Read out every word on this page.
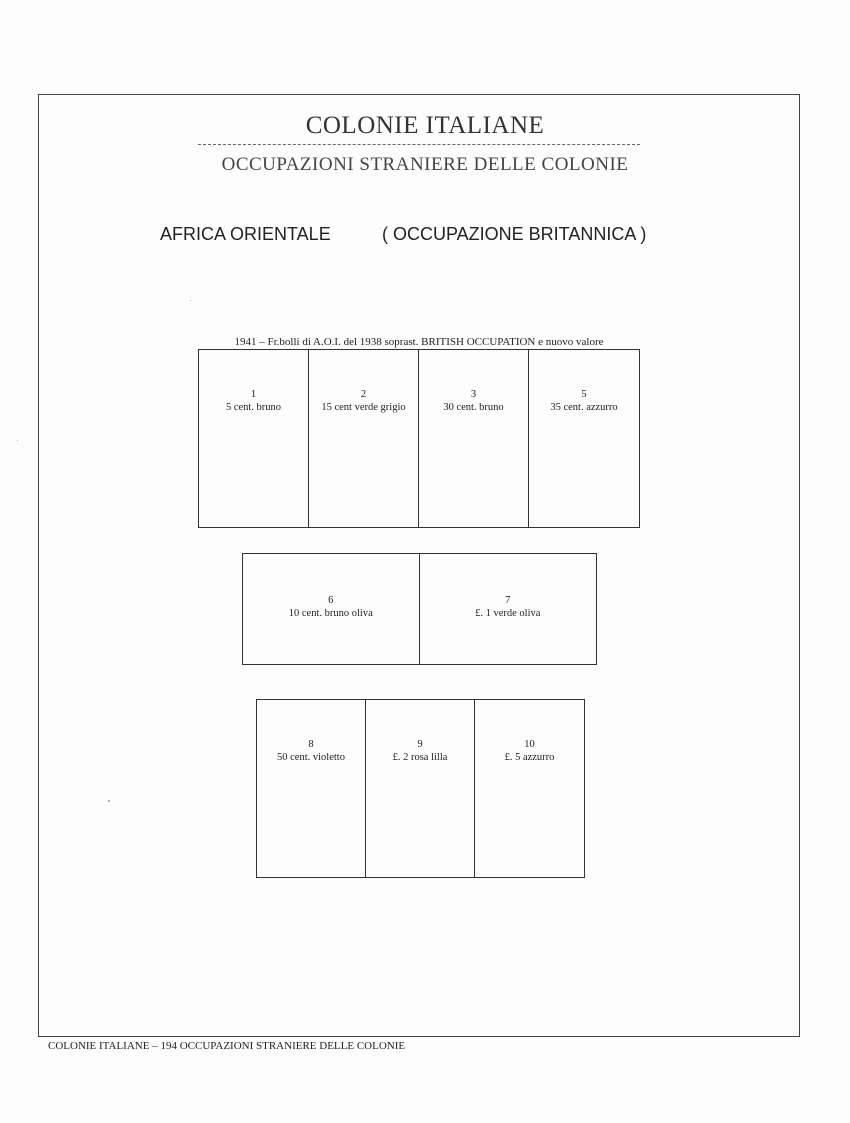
COLONIE ITALIANE
OCCUPAZIONI STRANIERE DELLE COLONIE
AFRICA ORIENTALE	( OCCUPAZIONE BRITANNICA )
1941 – Fr.bolli di A.O.I. del 1938 soprast. BRITISH OCCUPATION e nuovo valore
1
5 cent. bruno
2
15 cent verde grigio
3
30 cent. bruno
5
35 cent. azzurro
6
10 cent. bruno oliva
7
£. 1 verde oliva
8
50 cent. violetto
9
£. 2 rosa lilla
10
£. 5 azzurro
COLONIE ITALIANE – 194 OCCUPAZIONI STRANIERE DELLE COLONIE
